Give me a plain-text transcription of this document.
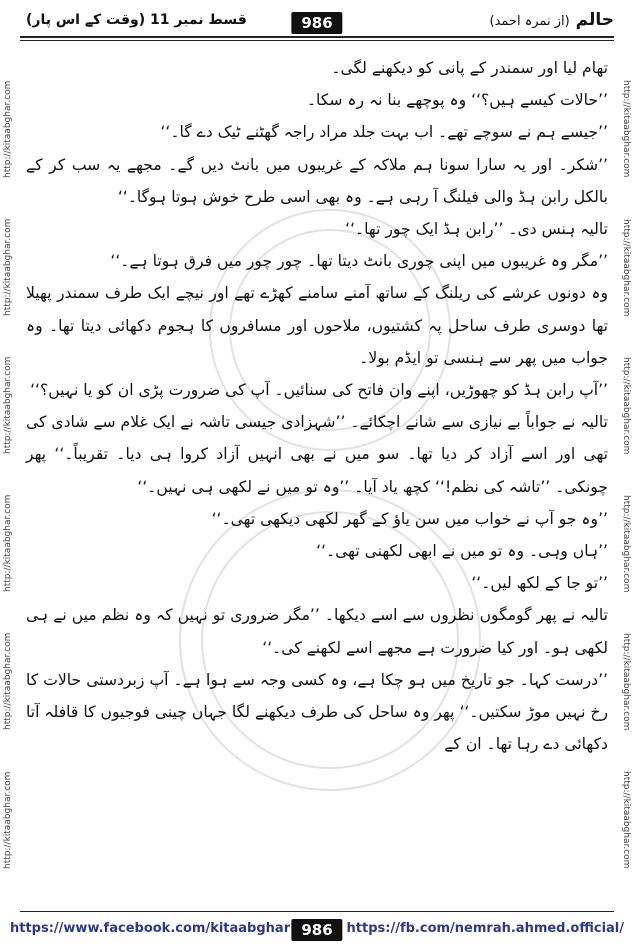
حالم (از نمرہ احمد)
986
قسط نمبر 11 (وقت کے اس پار)
http://kitaabghar.com
http://kitaabghar.com
http://kitaabghar.com
http://kitaabghar.com
http://kitaabghar.com
http://kitaabghar.com	http://kitaabghar.com
http://kitaabghar.com
http://kitaabghar.com
http://kitaabghar.com
http://kitaabghar.com
http://kitaabghar.com

تھام لیا اور سمندر کے پانی کو دیکھنے لگی۔

’’حالات کیسے ہیں؟‘‘ وہ پوچھے بنا نہ رہ سکا۔

’’جیسے ہم نے سوچے تھے۔ اب بہت جلد مراد راجہ گھٹنے ٹیک دے گا۔‘‘

’’شکر۔ اور یہ سارا سونا ہم ملاکہ کے غریبوں میں بانٹ دیں گے۔ مجھے یہ سب کر کے بالکل رابن ہڈ والی فیلنگ آ رہی ہے۔ وہ بھی اسی طرح خوش ہوتا ہوگا۔‘‘

تالیہ ہنس دی۔ ’’رابن ہڈ ایک چور تھا۔‘‘

’’مگر وہ غریبوں میں اپنی چوری بانٹ دیتا تھا۔ چور چور میں فرق ہوتا ہے۔‘‘

وہ دونوں عرشے کی ریلنگ کے ساتھ آمنے سامنے کھڑے تھے اور نیچے ایک طرف سمندر پھیلا تھا دوسری طرف ساحل پہ کشتیوں، ملاحوں اور مسافروں کا ہجوم دکھائی دیتا تھا۔ وہ جواب میں پھر سے ہنسی تو ایڈم بولا۔

’’آپ رابن ہڈ کو چھوڑیں، اپنے وان فاتح کی سنائیں۔ آپ کی ضرورت پڑی ان کو یا نہیں؟‘‘

تالیہ نے جواباً بے نیازی سے شانے اچکائے۔ ’’شہزادی جیسی تاشہ نے ایک غلام سے شادی کی تھی اور اسے آزاد کر دیا تھا۔ سو میں نے بھی انہیں آزاد کروا ہی دیا۔ تقریباً۔‘‘ پھر چونکی۔ ’’تاشہ کی نظم!‘‘ کچھ یاد آیا۔ ’’وہ تو میں نے لکھی ہی نہیں۔‘‘

’’وہ جو آپ نے خواب میں سن یاؤ کے گھر لکھی دیکھی تھی۔‘‘

’’ہاں وہی۔ وہ تو میں نے ابھی لکھنی تھی۔‘‘

’’تو جا کے لکھ لیں۔‘‘

تالیہ نے پھر گومگوں نظروں سے اسے دیکھا۔ ’’مگر ضروری تو نہیں کہ وہ نظم میں نے ہی لکھی ہو۔ اور کیا ضرورت ہے مجھے اسے لکھنے کی۔‘‘

’’درست کہا۔ جو تاریخ میں ہو چکا ہے، وہ کسی وجہ سے ہوا ہے۔ آپ زبردستی حالات کا رخ نہیں موڑ سکتیں۔‘‘ پھر وہ ساحل کی طرف دیکھنے لگا جہاں چینی فوجیوں کا قافلہ آتا دکھائی دے رہا تھا۔ ان کے

https://www.facebook.com/kitaabghar 986	https://fb.com/nemrah.ahmed.official/
